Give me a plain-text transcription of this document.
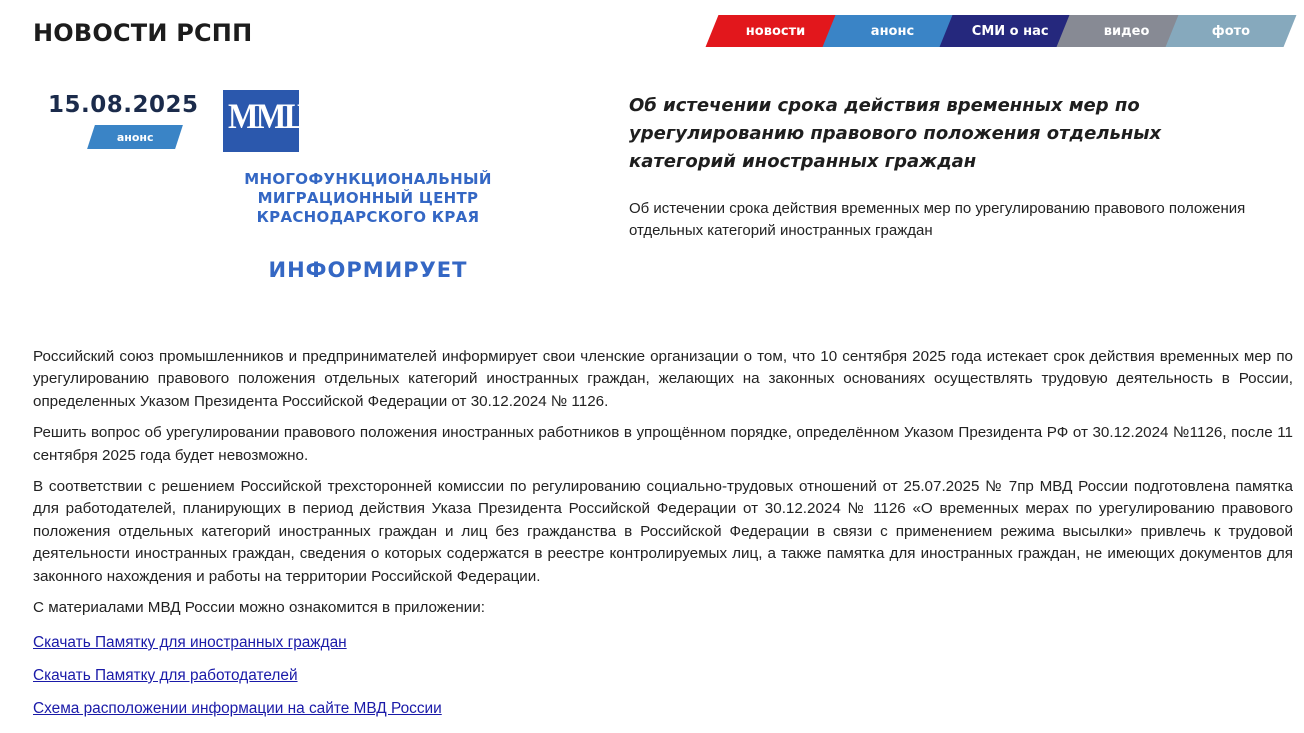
НОВОСТИ РСПП	новости	анонс	СМИ о нас	видео	фото
15.08.2025
анонс
ММЦ
МНОГОФУНКЦИОНАЛЬНЫЙ
МИГРАЦИОННЫЙ ЦЕНТР
КРАСНОДАРСКОГО КРАЯ
ИНФОРМИРУЕТ
Об истечении срока действия временных мер по урегулированию правового положения отдельных категорий иностранных граждан
Об истечении срока действия временных мер по урегулированию правового положения отдельных категорий иностранных граждан

Российский союз промышленников и предпринимателей информирует свои членские организации о том, что 10 сентября 2025 года истекает срок действия временных мер по урегулированию правового положения отдельных категорий иностранных граждан, желающих на законных основаниях осуществлять трудовую деятельность в России, определенных Указом Президента Российской Федерации от 30.12.2024 № 1126.

Решить вопрос об урегулировании правового положения иностранных работников в упрощённом порядке, определённом Указом Президента РФ от 30.12.2024 №1126, после 11 сентября 2025 года будет невозможно.

В соответствии с решением Российской трехсторонней комиссии по регулированию социально-трудовых отношений от 25.07.2025 № 7пр МВД России подготовлена памятка для работодателей, планирующих в период действия Указа Президента Российской Федерации от 30.12.2024 № 1126 «О временных мерах по урегулированию правового положения отдельных категорий иностранных граждан и лиц без гражданства в Российской Федерации в связи с применением режима высылки» привлечь к трудовой деятельности иностранных граждан, сведения о которых содержатся в реестре контролируемых лиц, а также памятка для иностранных граждан, не имеющих документов для законного нахождения и работы на территории Российской Федерации.

С материалами МВД России можно ознакомится в приложении:

Скачать Памятку для иностранных граждан
Скачать Памятку для работодателей
Схема расположении информации на сайте МВД России
